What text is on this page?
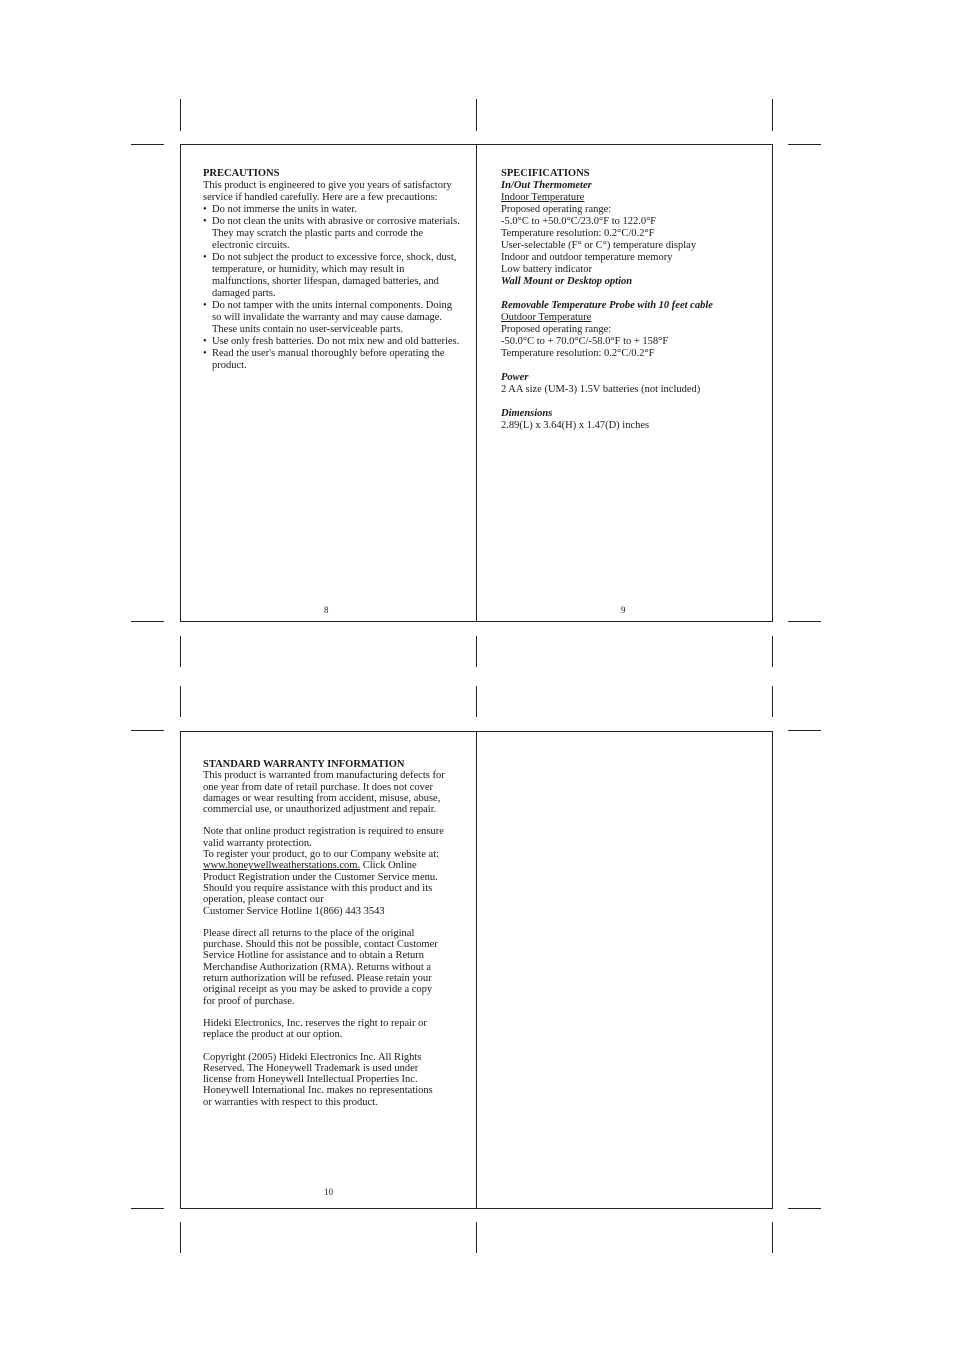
PRECAUTIONS

This product is engineered to give you years of satisfactory service if handled carefully. Here are a few precautions:

• Do not immerse the units in water.
• Do not clean the units with abrasive or corrosive materials. They may scratch the plastic parts and corrode the electronic circuits.
• Do not subject the product to excessive force, shock, dust, temperature, or humidity, which may result in malfunctions, shorter lifespan, damaged batteries, and damaged parts.
• Do not tamper with the units internal components. Doing so will invalidate the warranty and may cause damage. These units contain no user-serviceable parts.
• Use only fresh batteries. Do not mix new and old batteries.
• Read the user's manual thoroughly before operating the product.
8

SPECIFICATIONS

In/Out Thermometer

Indoor Temperature

Proposed operating range:

-5.0°C to +50.0°C/23.0°F to 122.0°F

Temperature resolution: 0.2°C/0.2°F

User-selectable (F° or C°) temperature display

Indoor and outdoor temperature memory

Low battery indicator

Wall Mount or Desktop option

Removable Temperature Probe with 10 feet cable

Outdoor Temperature

Proposed operating range:

-50.0°C to + 70.0°C/-58.0°F to + 158°F

Temperature resolution: 0.2°C/0.2°F

Power

2 AA size (UM-3) 1.5V batteries (not included)

Dimensions

2.89(L) x 3.64(H) x 1.47(D) inches

9

STANDARD WARRANTY INFORMATION

This product is warranted from manufacturing defects for

one year from date of retail purchase. It does not cover

damages or wear resulting from accident, misuse, abuse,

commercial use, or unauthorized adjustment and repair.

Note that online product registration is required to ensure

valid warranty protection.

To register your product, go to our Company website at:

www.honeywellweatherstations.com. Click Online

Product Registration under the Customer Service menu.

Should you require assistance with this product and its

operation, please contact our

Customer Service Hotline 1(866) 443 3543

Please direct all returns to the place of the original

purchase. Should this not be possible, contact Customer

Service Hotline for assistance and to obtain a Return

Merchandise Authorization (RMA). Returns without a

return authorization will be refused. Please retain your

original receipt as you may be asked to provide a copy

for proof of purchase.

Hideki Electronics, Inc. reserves the right to repair or

replace the product at our option.

Copyright (2005) Hideki Electronics Inc. All Rights

Reserved. The Honeywell Trademark is used under

license from Honeywell Intellectual Properties Inc.

Honeywell International Inc. makes no representations

or warranties with respect to this product.

10
